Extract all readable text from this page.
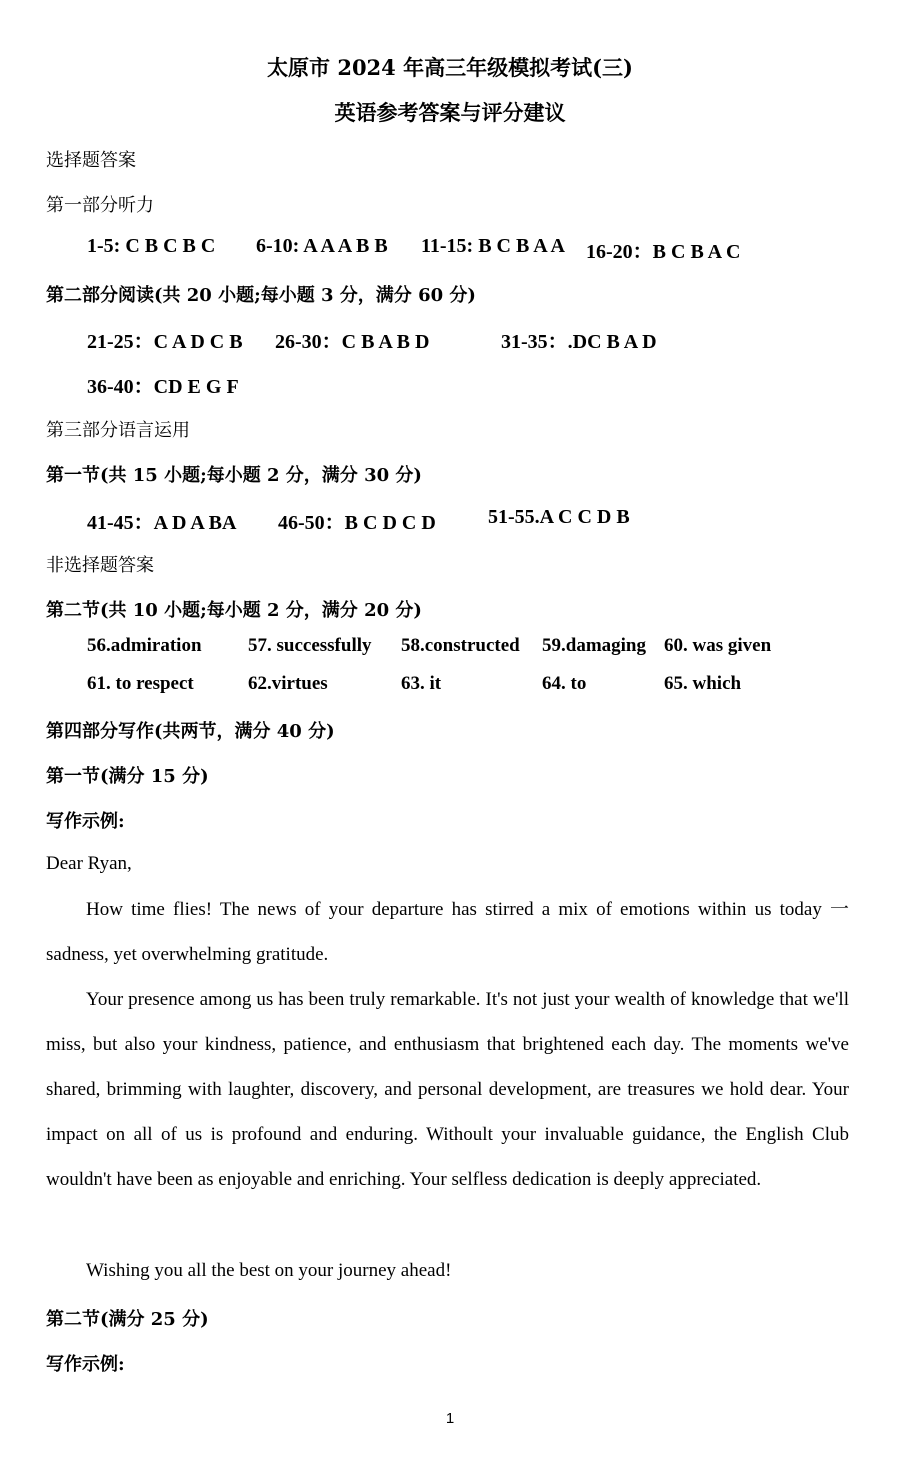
太原市 2024 年高三年级模拟考试(三)
英语参考答案与评分建议
选择题答案
第一部分听力
1-5: C B C B C 6-10: A A A B B 11-15: B C B A A 16-20：B C B A C
第二部分阅读(共 20 小题;每小题 3 分，满分 60 分)
21-25：C A D C B 26-30：C B A B D	31-35：.DC B A D
36-40：CD E G F
第三部分语言运用
第一节(共 15 小题;每小题 2 分，满分 30 分)
41-45：A D A BA 46-50：B C D C D	51-55.A C C D B
非选择题答案
第二节(共 10 小题;每小题 2 分，满分 20 分)
56.admiration 57. successfully 58.constructed 59.damaging 60. was given
61. to respect	62.virtues	63. it	64. to	65. which
第四部分写作(共两节，满分 40 分)
第一节(满分 15 分)
写作示例:
Dear Ryan,
How time flies! The news of your departure has stirred a mix of emotions within us today 一 sadness, yet overwhelming gratitude.
Your presence among us has been truly remarkable. It's not just your wealth of knowledge that we'll miss, but also your kindness, patience, and enthusiasm that brightened each day. The moments we've shared, brimming with laughter, discovery, and personal development, are treasures we hold dear. Your impact on all of us is profound and enduring. Withoult your invaluable guidance, the English Club wouldn't have been as enjoyable and enriching. Your selfless dedication is deeply appreciated.
Wishing you all the best on your journey ahead!
第二节(满分 25 分)
写作示例:
1
